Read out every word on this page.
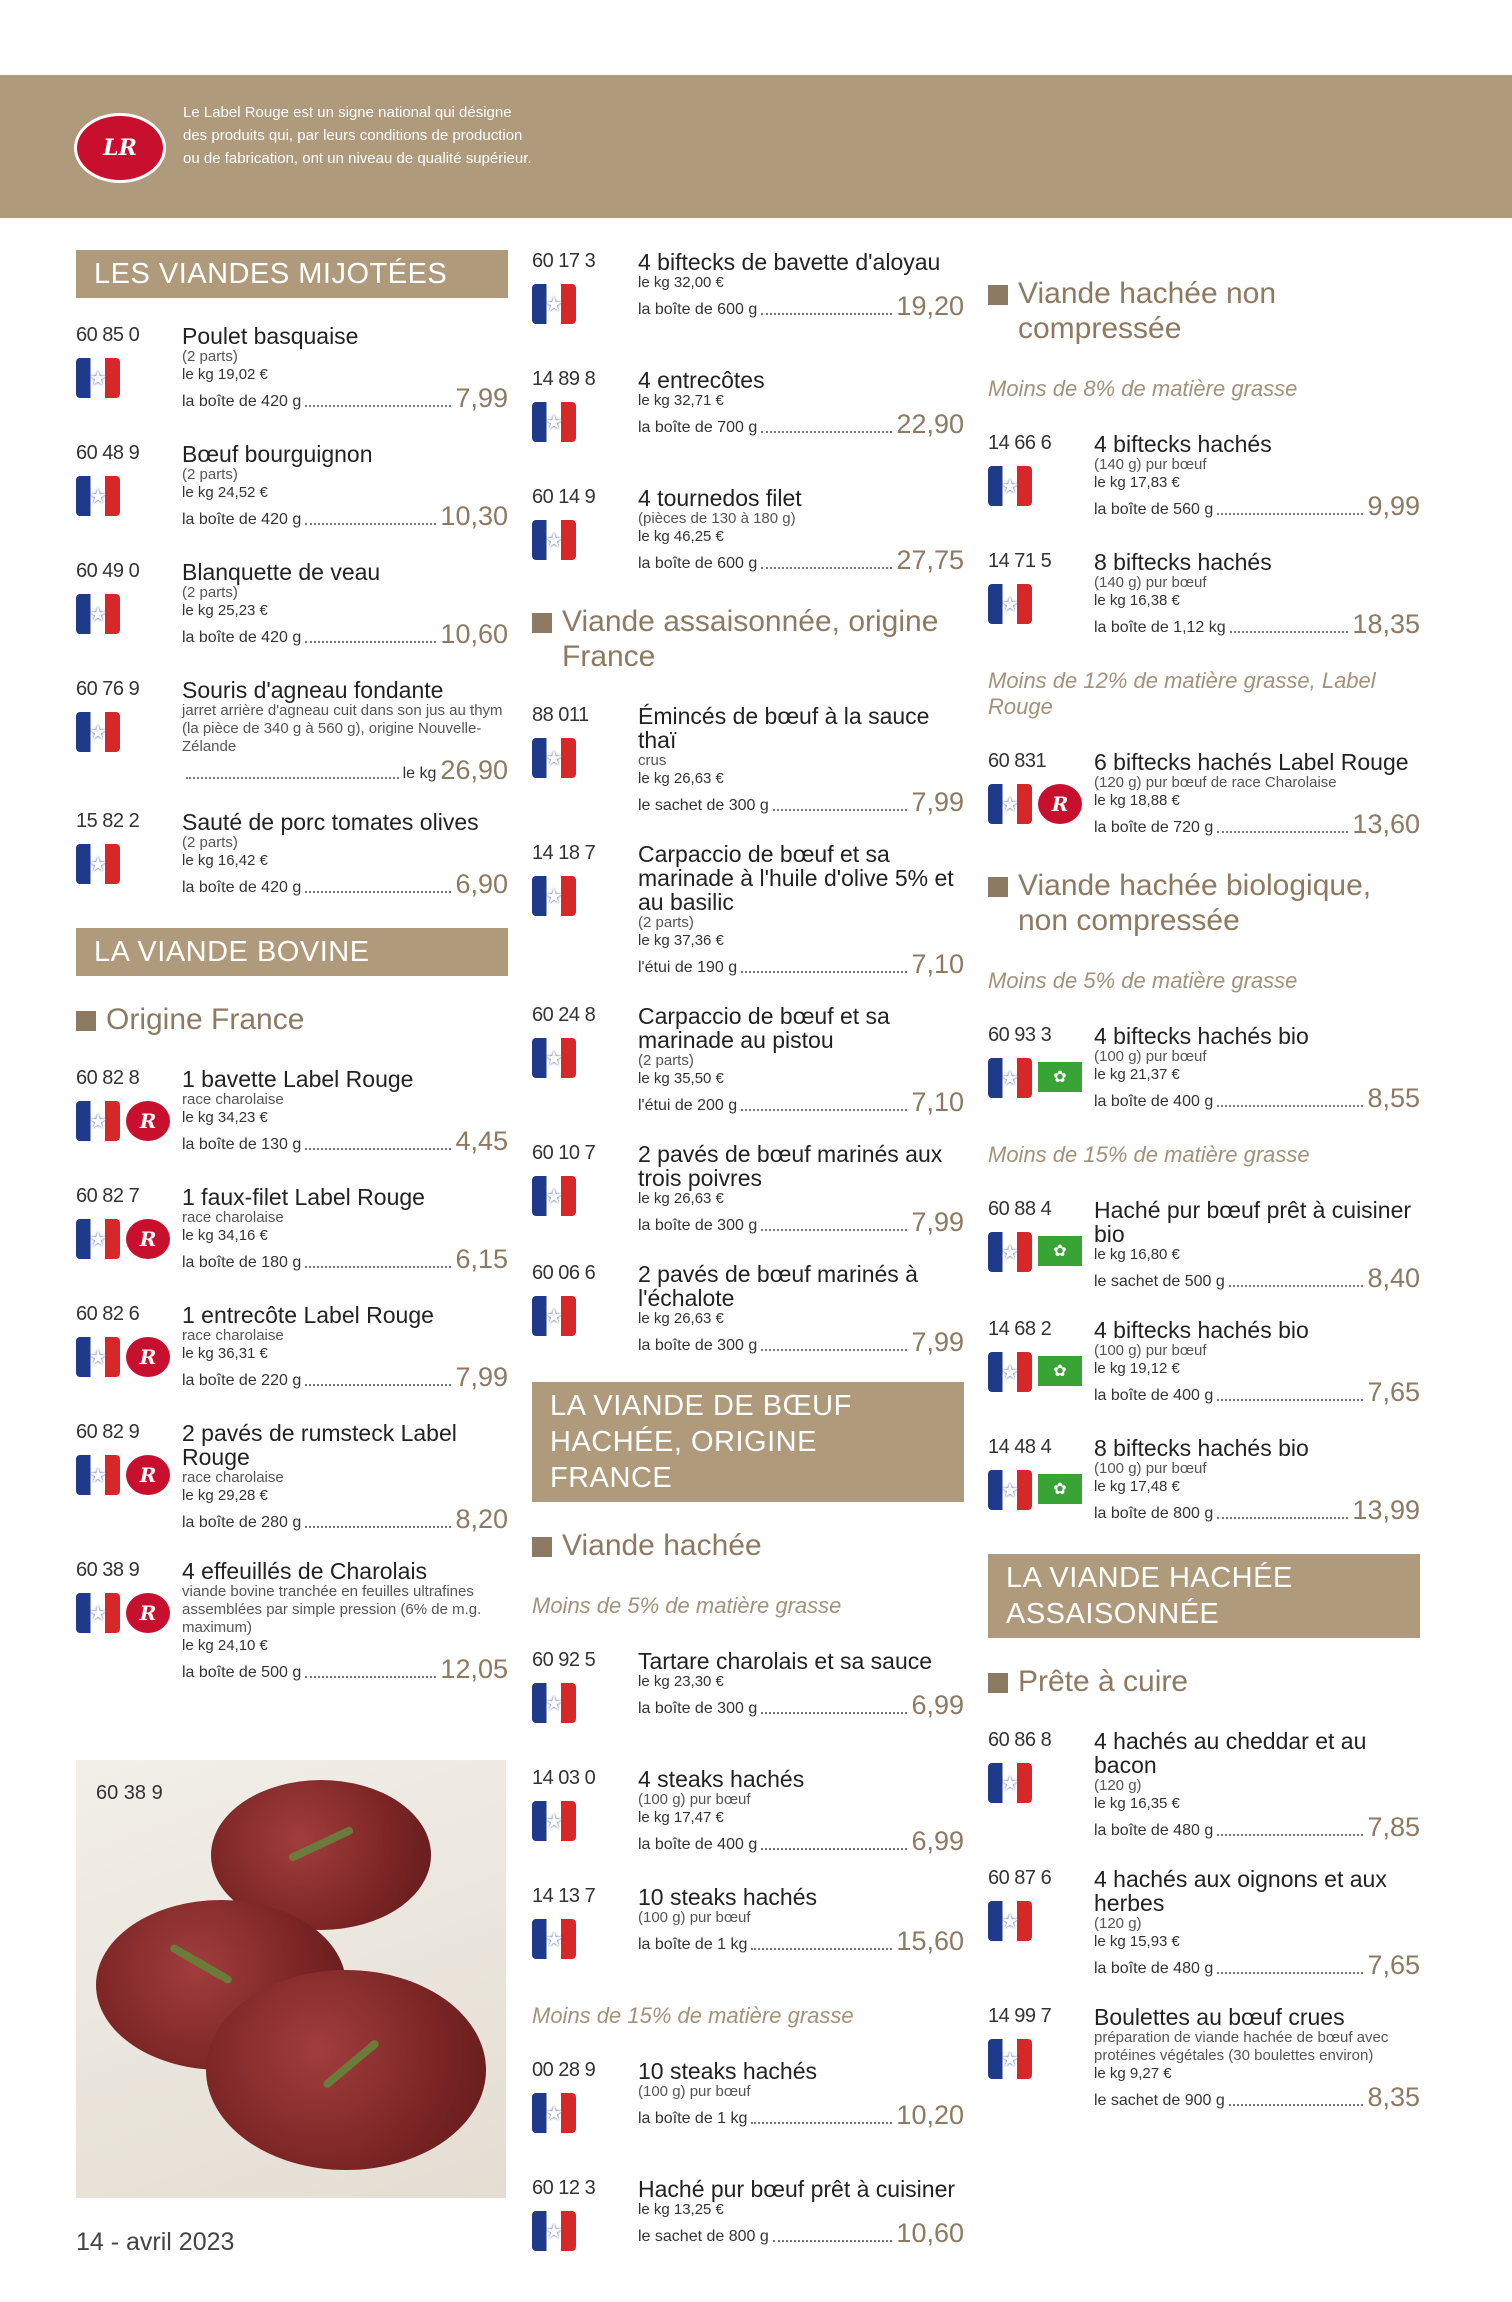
LR
Le Label Rouge est un signe national qui désigne des produits qui, par leurs conditions de production ou de fabrication, ont un niveau de qualité supérieur.
LES VIANDES MIJOTÉES
60 85 0
★
Poulet basquaise
(2 parts)
le kg 19,02 €
la boîte de 420 g	7,99
60 48 9
★
Bœuf bourguignon
(2 parts)
le kg 24,52 €
la boîte de 420 g	10,30
60 49 0
★
Blanquette de veau
(2 parts)
le kg 25,23 €
la boîte de 420 g	10,60
60 76 9
★
Souris d'agneau fondante
jarret arrière d'agneau cuit dans son jus au thym (la pièce de 340 g à 560 g), origine Nouvelle-Zélande
le kg 26,90
15 82 2
★
Sauté de porc tomates olives
(2 parts)
le kg 16,42 €
la boîte de 420 g	6,90
LA VIANDE BOVINE
Origine France
60 82 8
★	R
1 bavette Label Rouge
race charolaise
le kg 34,23 €
la boîte de 130 g	4,45
60 82 7
★	R
1 faux-filet Label Rouge
race charolaise
le kg 34,16 €
la boîte de 180 g	6,15
60 82 6
★	R
1 entrecôte Label Rouge
race charolaise
le kg 36,31 €
la boîte de 220 g	7,99
60 82 9
★	R
2 pavés de rumsteck Label Rouge
race charolaise
le kg 29,28 €
la boîte de 280 g	8,20
60 38 9
★	R
4 effeuillés de Charolais
viande bovine tranchée en feuilles ultrafines assemblées par simple pression (6% de m.g. maximum)
le kg 24,10 €
la boîte de 500 g	12,05
60 38 9
60 17 3
★
4 biftecks de bavette d'aloyau
le kg 32,00 €
la boîte de 600 g	19,20
14 89 8
★
4 entrecôtes
le kg 32,71 €
la boîte de 700 g	22,90
60 14 9
★
4 tournedos filet
(pièces de 130 à 180 g)
le kg 46,25 €
la boîte de 600 g	27,75
Viande assaisonnée, origine France
88 011
★
Émincés de bœuf à la sauce thaï
crus
le kg 26,63 €
le sachet de 300 g	7,99
14 18 7
★
Carpaccio de bœuf et sa marinade à l'huile d'olive 5% et au basilic
(2 parts)
le kg 37,36 €
l'étui de 190 g	7,10
60 24 8
★
Carpaccio de bœuf et sa marinade au pistou
(2 parts)
le kg 35,50 €
l'étui de 200 g	7,10
60 10 7
★
2 pavés de bœuf marinés aux trois poivres
le kg 26,63 €
la boîte de 300 g	7,99
60 06 6
★
2 pavés de bœuf marinés à l'échalote
le kg 26,63 €
la boîte de 300 g	7,99
LA VIANDE DE BŒUF HACHÉE, ORIGINE FRANCE
Viande hachée
Moins de 5% de matière grasse
60 92 5
★
Tartare charolais et sa sauce
le kg 23,30 €
la boîte de 300 g	6,99
14 03 0
★
4 steaks hachés
(100 g) pur bœuf
le kg 17,47 €
la boîte de 400 g	6,99
14 13 7
★
10 steaks hachés
(100 g) pur bœuf
la boîte de 1 kg	15,60
Moins de 15% de matière grasse
00 28 9
★
10 steaks hachés
(100 g) pur bœuf
la boîte de 1 kg	10,20
60 12 3
★
Haché pur bœuf prêt à cuisiner
le kg 13,25 €
le sachet de 800 g	10,60
Viande hachée non compressée
Moins de 8% de matière grasse
14 66 6
★
4 biftecks hachés
(140 g) pur bœuf
le kg 17,83 €
la boîte de 560 g	9,99
14 71 5
★
8 biftecks hachés
(140 g) pur bœuf
le kg 16,38 €
la boîte de 1,12 kg	18,35
Moins de 12% de matière grasse, Label Rouge
60 831
★	R
6 biftecks hachés Label Rouge
(120 g) pur bœuf de race Charolaise
le kg 18,88 €
la boîte de 720 g	13,60
Viande hachée biologique, non compressée
Moins de 5% de matière grasse
60 93 3
★	✿
4 biftecks hachés bio
(100 g) pur bœuf
le kg 21,37 €
la boîte de 400 g	8,55
Moins de 15% de matière grasse
60 88 4
★	✿
Haché pur bœuf prêt à cuisiner bio
le kg 16,80 €
le sachet de 500 g	8,40
14 68 2
★	✿
4 biftecks hachés bio
(100 g) pur bœuf
le kg 19,12 €
la boîte de 400 g	7,65
14 48 4
★	✿
8 biftecks hachés bio
(100 g) pur bœuf
le kg 17,48 €
la boîte de 800 g	13,99
LA VIANDE HACHÉE ASSAISONNÉE
Prête à cuire
60 86 8
★
4 hachés au cheddar et au bacon
(120 g)
le kg 16,35 €
la boîte de 480 g	7,85
60 87 6
★
4 hachés aux oignons et aux herbes
(120 g)
le kg 15,93 €
la boîte de 480 g	7,65
14 99 7
★
Boulettes au bœuf crues
préparation de viande hachée de bœuf avec protéines végétales (30 boulettes environ)
le kg 9,27 €
le sachet de 900 g	8,35
14 - avril 2023
